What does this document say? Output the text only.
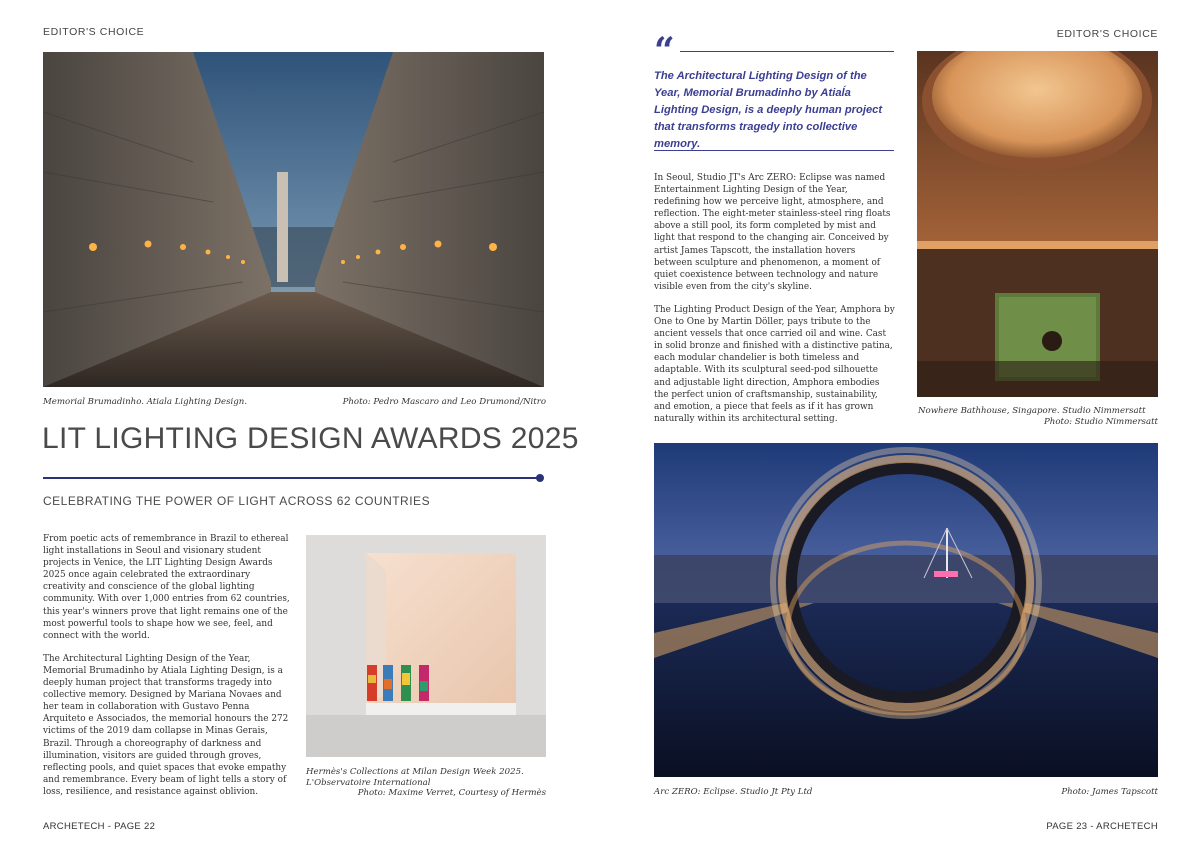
EDITOR'S CHOICE	EDITOR'S CHOICE
Memorial Brumadinho. Atiala Lighting Design.	Photo: Pedro Mascaro and Leo Drumond/Nitro
LIT LIGHTING DESIGN AWARDS 2025
CELEBRATING THE POWER OF LIGHT ACROSS 62 COUNTRIES

From poetic acts of remembrance in Brazil to ethereal light installations in Seoul and visionary student projects in Venice, the LIT Lighting Design Awards 2025 once again celebrated the extraordinary creativity and conscience of the global lighting community. With over 1,000 entries from 62 countries, this year's winners prove that light remains one of the most powerful tools to shape how we see, feel, and connect with the world.

The Architectural Lighting Design of the Year, Memorial Brumadinho by Atiala Lighting Design, is a deeply human project that transforms tragedy into collective memory. Designed by Mariana Novaes and her team in collaboration with Gustavo Penna Arquiteto e Associados, the memorial honours the 272 victims of the 2019 dam collapse in Minas Gerais, Brazil. Through a choreography of darkness and illumination, visitors are guided through groves, reflecting pools, and quiet spaces that evoke empathy and remembrance. Every beam of light tells a story of loss, resilience, and resistance against oblivion.

Hermès's Collections at Milan Design Week 2025.
L'Observatoire International
Photo: Maxime Verret, Courtesy of Hermès
ARCHETECH - PAGE 22
“
The Architectural Lighting Design of the Year, Memorial Brumadinho by Atiaĺa Lighting Design, is a deeply human project that transforms tragedy into collective memory.

In Seoul, Studio JT's Arc ZERO: Eclipse was named Entertainment Lighting Design of the Year, redefining how we perceive light, atmosphere, and reflection. The eight-meter stainless-steel ring floats above a still pool, its form completed by mist and light that respond to the changing air. Conceived by artist James Tapscott, the installation hovers between sculpture and phenomenon, a moment of quiet coexistence between technology and nature visible even from the city's skyline.

The Lighting Product Design of the Year, Amphora by One to One by Martin Döller, pays tribute to the ancient vessels that once carried oil and wine. Cast in solid bronze and finished with a distinctive patina, each modular chandelier is both timeless and adaptable. With its sculptural seed-pod silhouette and adjustable light direction, Amphora embodies the perfect union of craftsmanship, sustainability, and emotion, a piece that feels as if it has grown naturally within its architectural setting.

Nowhere Bathhouse, Singapore. Studio Nimmersatt
Photo: Studio Nimmersatt
Arc ZERO: Eclipse. Studio Jt Pty Ltd	Photo: James Tapscott
PAGE 23 - ARCHETECH
